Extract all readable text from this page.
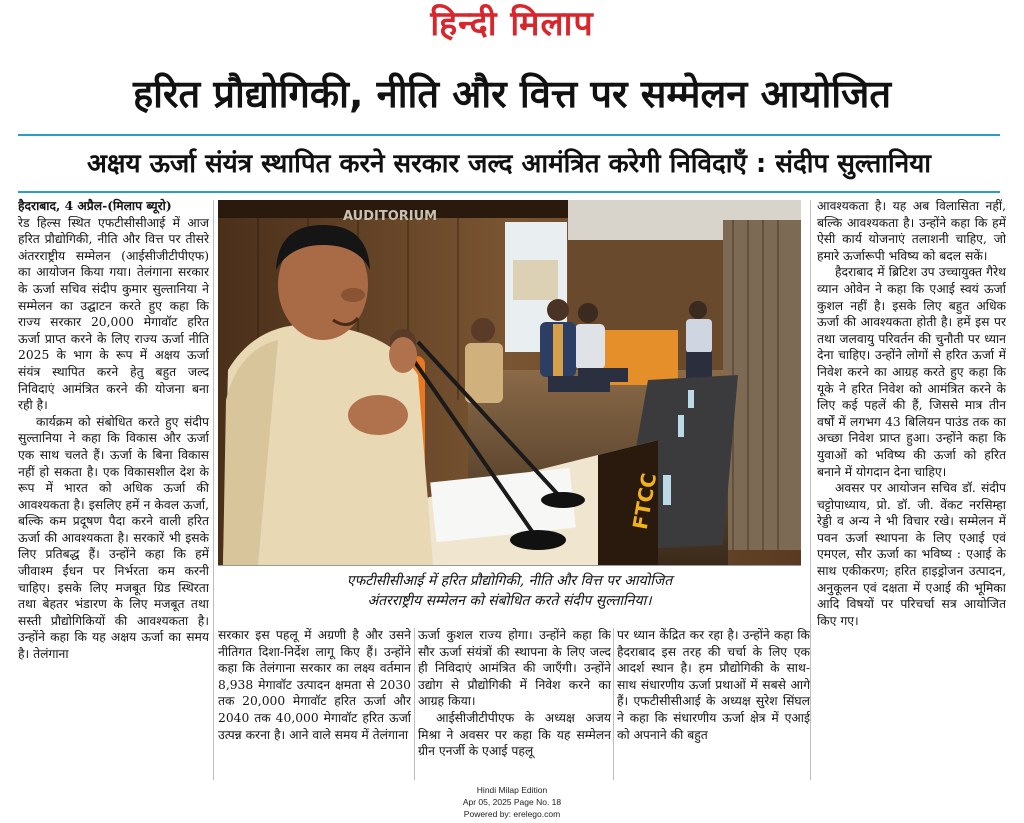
हिन्दी मिलाप
हरित प्रौद्योगिकी, नीति और वित्त पर सम्मेलन आयोजित
अक्षय ऊर्जा संयंत्र स्थापित करने सरकार जल्द आमंत्रित करेगी निविदाएँ : संदीप सुल्तानिया

हैदराबाद, 4 अप्रैल-(मिलाप ब्यूरो)

रेड हिल्स स्थित एफटीसीसीआई में आज हरित प्रौद्योगिकी, नीति और वित्त पर तीसरे अंतरराष्ट्रीय सम्मेलन (आईसीजीटीपीएफ) का आयोजन किया गया। तेलंगाना सरकार के ऊर्जा सचिव संदीप कुमार सुल्तानिया ने सम्मेलन का उद्घाटन करते हुए कहा कि राज्य सरकार 20,000 मेगावॉट हरित ऊर्जा प्राप्त करने के लिए राज्य ऊर्जा नीति 2025 के भाग के रूप में अक्षय ऊर्जा संयंत्र स्थापित करने हेतु बहुत जल्द निविदाएं आमंत्रित करने की योजना बना रही है।

कार्यक्रम को संबोधित करते हुए संदीप सुल्तानिया ने कहा कि विकास और ऊर्जा एक साथ चलते हैं। ऊर्जा के बिना विकास नहीं हो सकता है। एक विकासशील देश के रूप में भारत को अधिक ऊर्जा की आवश्यकता है। इसलिए हमें न केवल ऊर्जा, बल्कि कम प्रदूषण पैदा करने वाली हरित ऊर्जा की आवश्यकता है। सरकारें भी इसके लिए प्रतिबद्ध हैं। उन्होंने कहा कि हमें जीवाश्म ईंधन पर निर्भरता कम करनी चाहिए। इसके लिए मजबूत ग्रिड स्थिरता तथा बेहतर भंडारण के लिए मजबूत तथा सस्ती प्रौद्योगिकियों की आवश्यकता है। उन्होंने कहा कि यह अक्षय ऊर्जा का समय है। तेलंगाना

AUDITORIUM
FTCC
एफटीसीसीआई में हरित प्रौद्योगिकी, नीति और वित्त पर आयोजित
अंतरराष्ट्रीय सम्मेलन को संबोधित करते संदीप सुल्तानिया।

सरकार इस पहलू में अग्रणी है और उसने नीतिगत दिशा-निर्देश लागू किए हैं। उन्होंने कहा कि तेलंगाना सरकार का लक्ष्य वर्तमान 8,938 मेगावॉट उत्पादन क्षमता से 2030 तक 20,000 मेगावॉट हरित ऊर्जा और 2040 तक 40,000 मेगावॉट हरित ऊर्जा उत्पन्न करना है। आने वाले समय में तेलंगाना

ऊर्जा कुशल राज्य होगा। उन्होंने कहा कि सौर ऊर्जा संयंत्रों की स्थापना के लिए जल्द ही निविदाएं आमंत्रित की जाएँगी। उन्होंने उद्योग से प्रौद्योगिकी में निवेश करने का आग्रह किया।

आईसीजीटीपीएफ के अध्यक्ष अजय मिश्रा ने अवसर पर कहा कि यह सम्मेलन ग्रीन एनर्जी के एआई पहलू

पर ध्यान केंद्रित कर रहा है। उन्होंने कहा कि हैदराबाद इस तरह की चर्चा के लिए एक आदर्श स्थान है। हम प्रौद्योगिकी के साथ-साथ संधारणीय ऊर्जा प्रथाओं में सबसे आगे हैं। एफटीसीसीआई के अध्यक्ष सुरेश सिंघल ने कहा कि संधारणीय ऊर्जा क्षेत्र में एआई को अपनाने की बहुत

आवश्यकता है। यह अब विलासिता नहीं, बल्कि आवश्यकता है। उन्होंने कहा कि हमें ऐसी कार्य योजनाएं तलाशनी चाहिए, जो हमारे ऊर्जारूपी भविष्य को बदल सकें।

हैदराबाद में ब्रिटिश उप उच्चायुक्त गैरेथ व्यान ओवेन ने कहा कि एआई स्वयं ऊर्जा कुशल नहीं है। इसके लिए बहुत अधिक ऊर्जा की आवश्यकता होती है। हमें इस पर तथा जलवायु परिवर्तन की चुनौती पर ध्यान देना चाहिए। उन्होंने लोगों से हरित ऊर्जा में निवेश करने का आग्रह करते हुए कहा कि यूके ने हरित निवेश को आमंत्रित करने के लिए कई पहलें की हैं, जिससे मात्र तीन वर्षों में लगभग 43 बिलियन पाउंड तक का अच्छा निवेश प्राप्त हुआ। उन्होंने कहा कि युवाओं को भविष्य की ऊर्जा को हरित बनाने में योगदान देना चाहिए।

अवसर पर आयोजन सचिव डॉ. संदीप चट्टोपाध्याय, प्रो. डॉ. जी. वेंकट नरसिम्हा रेड्डी व अन्य ने भी विचार रखे। सम्मेलन में पवन ऊर्जा स्थापना के लिए एआई एवं एमएल, सौर ऊर्जा का भविष्य : एआई के साथ एकीकरण; हरित हाइड्रोजन उत्पादन, अनुकूलन एवं दक्षता में एआई की भूमिका आदि विषयों पर परिचर्चा सत्र आयोजित किए गए।

Hindi Milap Edition
Apr 05, 2025 Page No. 18
Powered by: erelego.com
